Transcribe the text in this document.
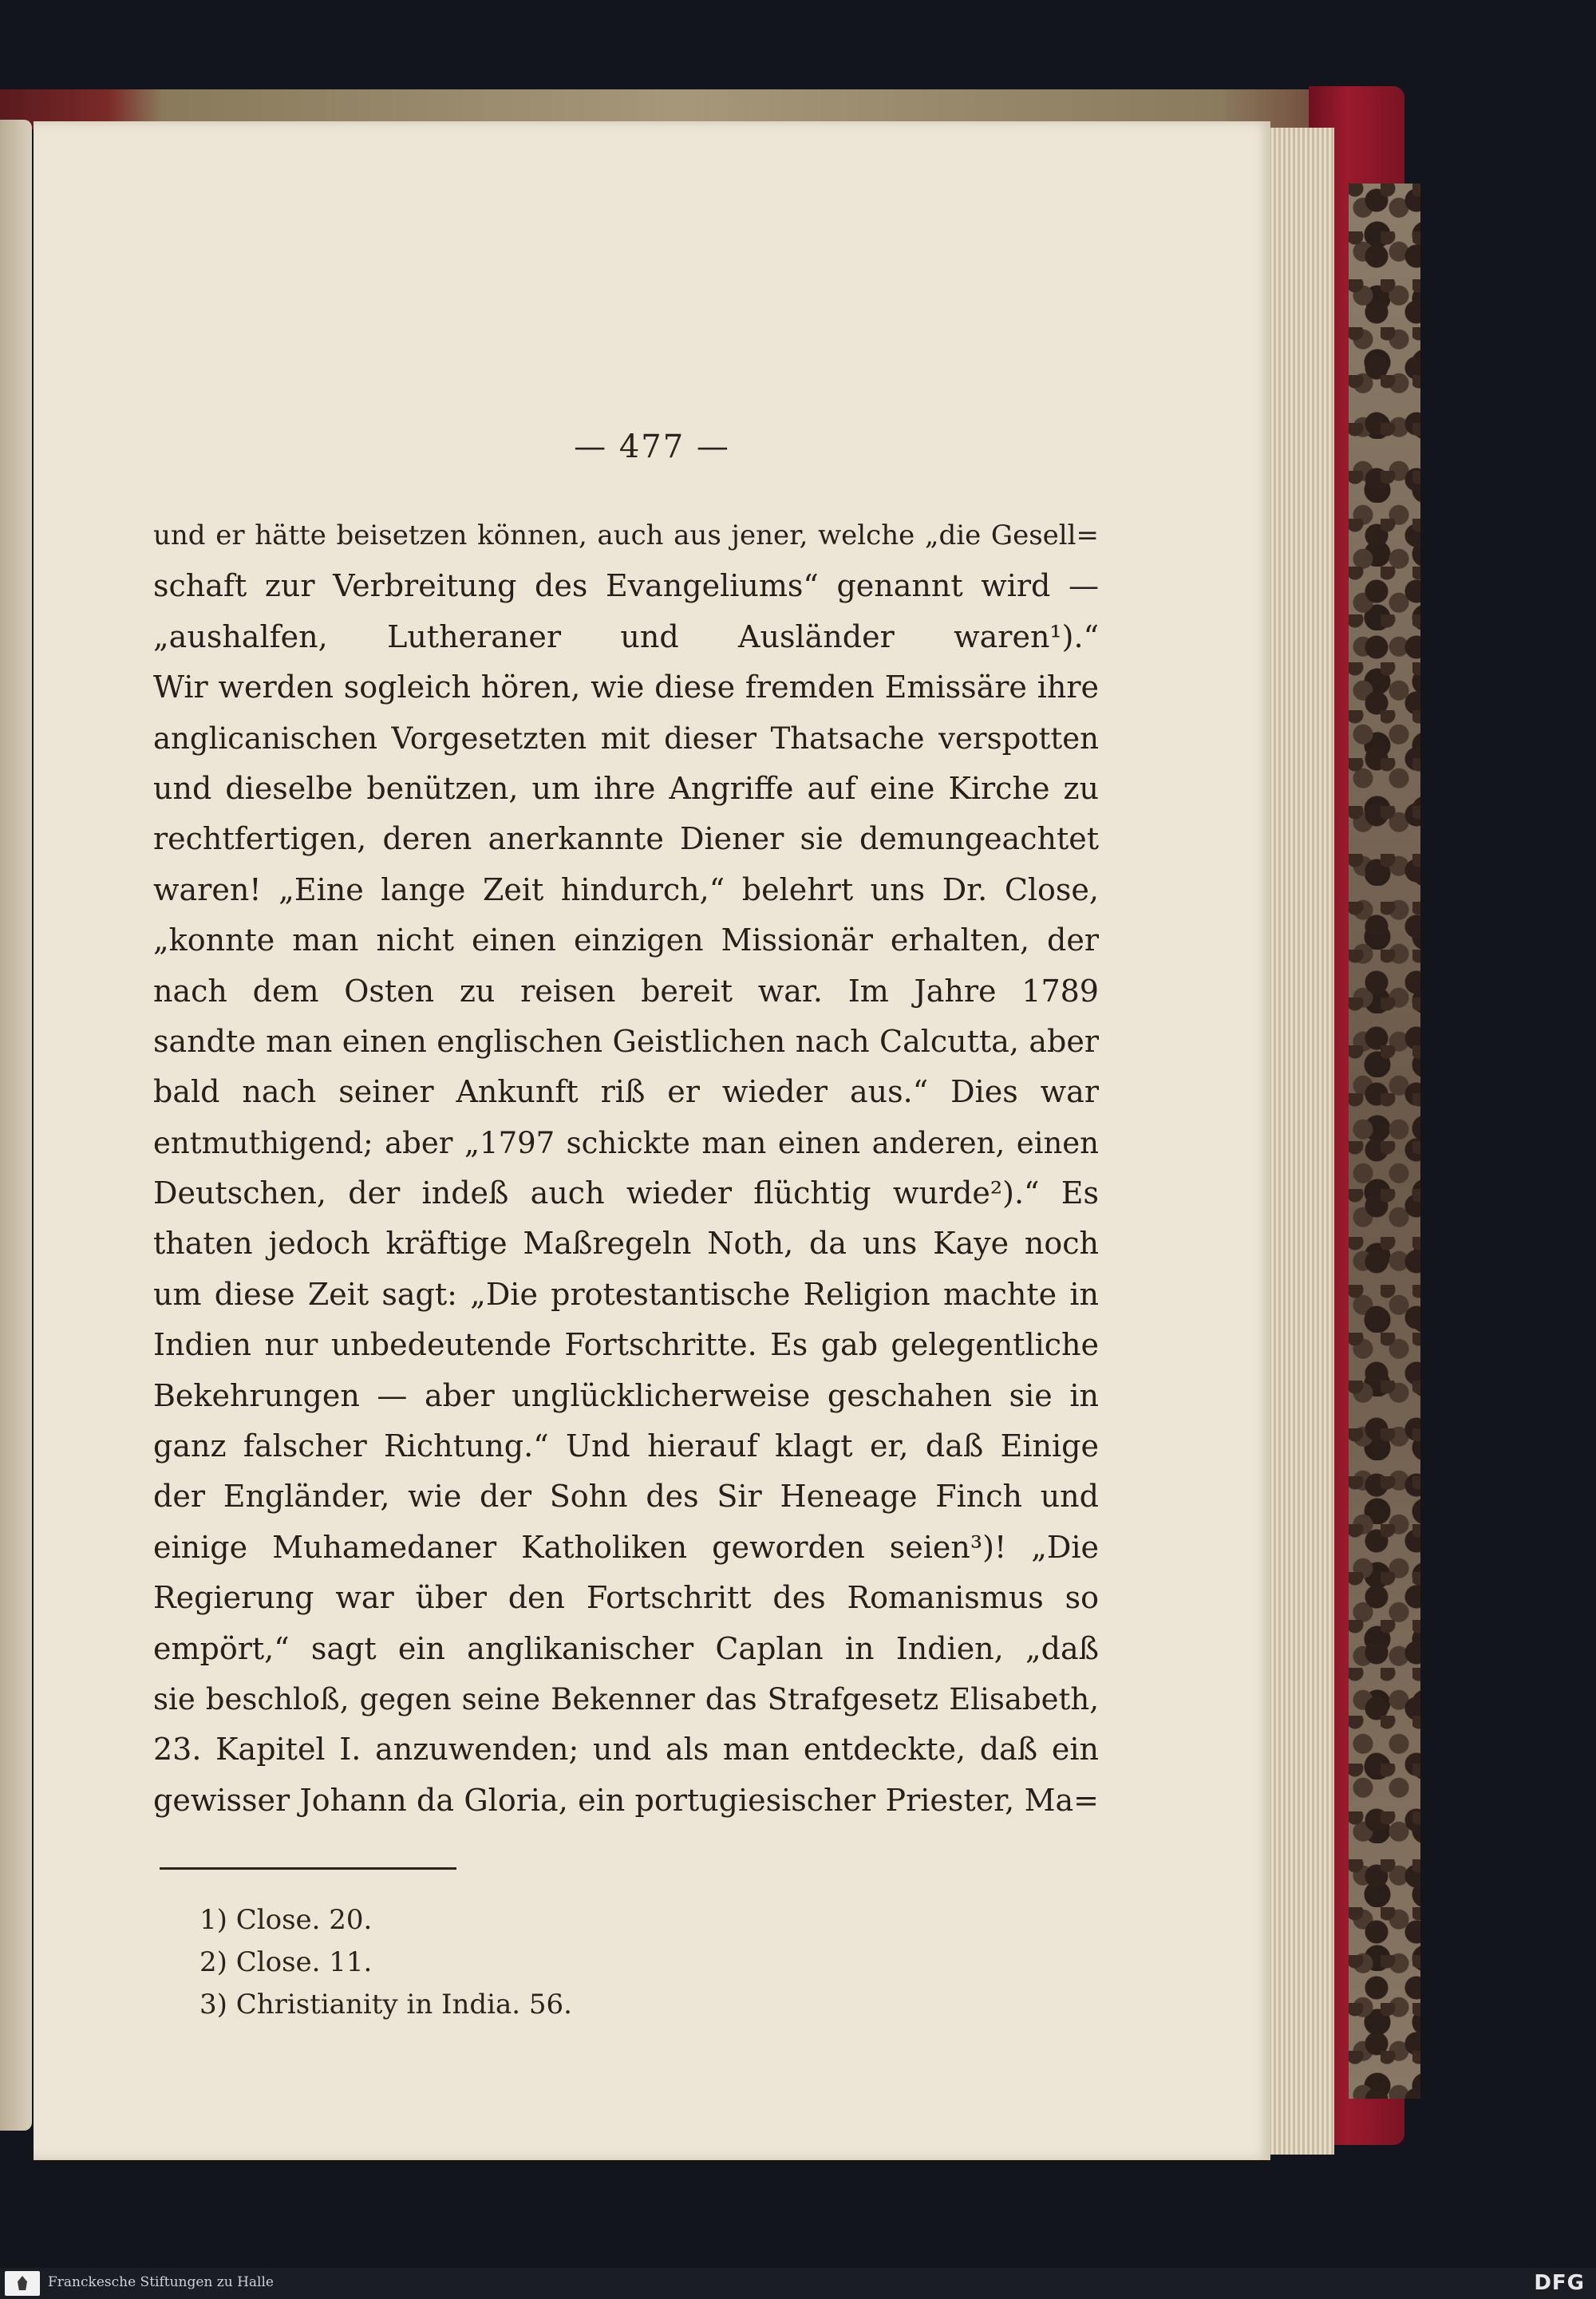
— 477 —
und er hätte beisetzen können, auch aus jener, welche „die Gesell=
schaft zur Verbreitung des Evangeliums“ genannt wird —
„aushalfen, Lutheraner und Ausländer waren¹).“
Wir werden sogleich hören, wie diese fremden Emissäre ihre
anglicanischen Vorgesetzten mit dieser Thatsache verspotten
und dieselbe benützen, um ihre Angriffe auf eine Kirche zu
rechtfertigen, deren anerkannte Diener sie demungeachtet
waren! „Eine lange Zeit hindurch,“ belehrt uns Dr. Close,
„konnte man nicht einen einzigen Missionär erhalten, der
nach dem Osten zu reisen bereit war. Im Jahre 1789
sandte man einen englischen Geistlichen nach Calcutta, aber
bald nach seiner Ankunft riß er wieder aus.“ Dies war
entmuthigend; aber „1797 schickte man einen anderen, einen
Deutschen, der indeß auch wieder flüchtig wurde²).“ Es
thaten jedoch kräftige Maßregeln Noth, da uns Kaye noch
um diese Zeit sagt: „Die protestantische Religion machte in
Indien nur unbedeutende Fortschritte. Es gab gelegentliche
Bekehrungen — aber unglücklicherweise geschahen sie in
ganz falscher Richtung.“ Und hierauf klagt er, daß Einige
der Engländer, wie der Sohn des Sir Heneage Finch und
einige Muhamedaner Katholiken geworden seien³)! „Die
Regierung war über den Fortschritt des Romanismus so
empört,“ sagt ein anglikanischer Caplan in Indien, „daß
sie beschloß, gegen seine Bekenner das Strafgesetz Elisabeth,
23. Kapitel I. anzuwenden; und als man entdeckte, daß ein
gewisser Johann da Gloria, ein portugiesischer Priester, Ma=
1) Close. 20.
2) Close. 11.
3) Christianity in India. 56.
Franckesche Stiftungen zu Halle	DFG
